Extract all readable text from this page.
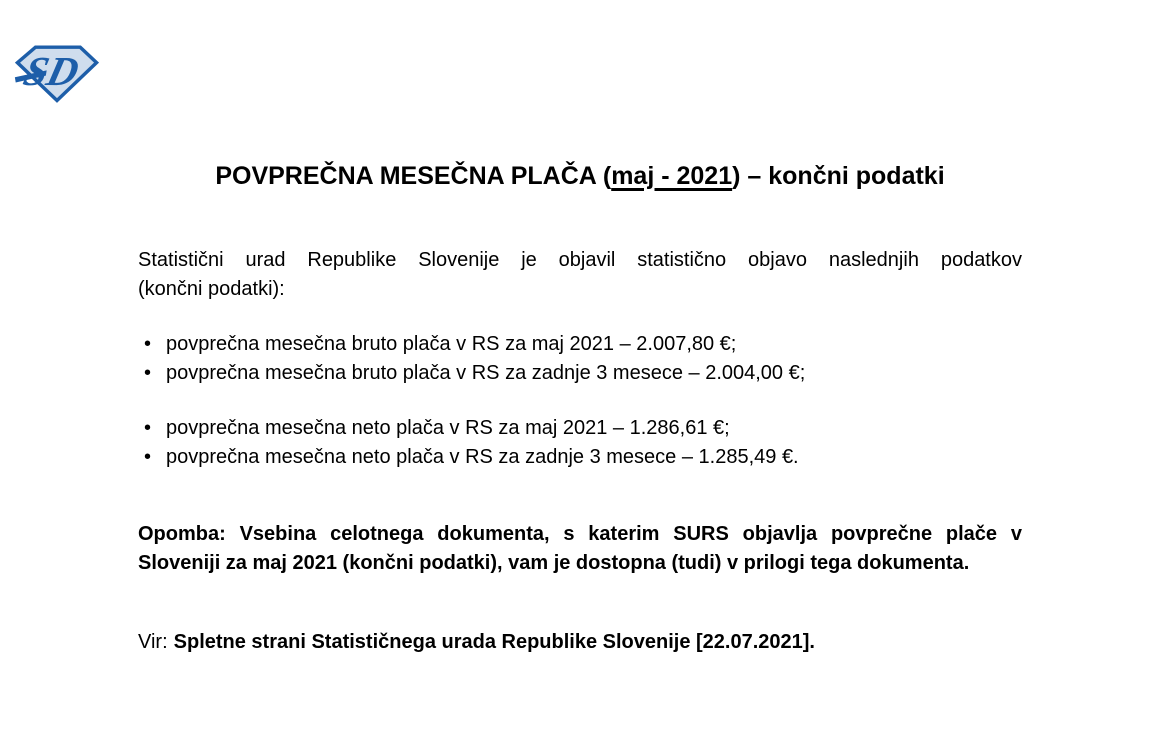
SD
POVPREČNA MESEČNA PLAČA (maj - 2021) – končni podatki

Statistični urad Republike Slovenije je objavil statistično objavo naslednjih podatkov
(končni podatki):

• povprečna mesečna bruto plača v RS za maj 2021 – 2.007,80 €;
• povprečna mesečna bruto plača v RS za zadnje 3 mesece – 2.004,00 €;
• povprečna mesečna neto plača v RS za maj 2021 – 1.286,61 €;
• povprečna mesečna neto plača v RS za zadnje 3 mesece – 1.285,49 €.

Opomba: Vsebina celotnega dokumenta, s katerim SURS objavlja povprečne plače v
Sloveniji za maj 2021 (končni podatki), vam je dostopna (tudi) v prilogi tega dokumenta.

Vir: Spletne strani Statističnega urada Republike Slovenije [22.07.2021].
